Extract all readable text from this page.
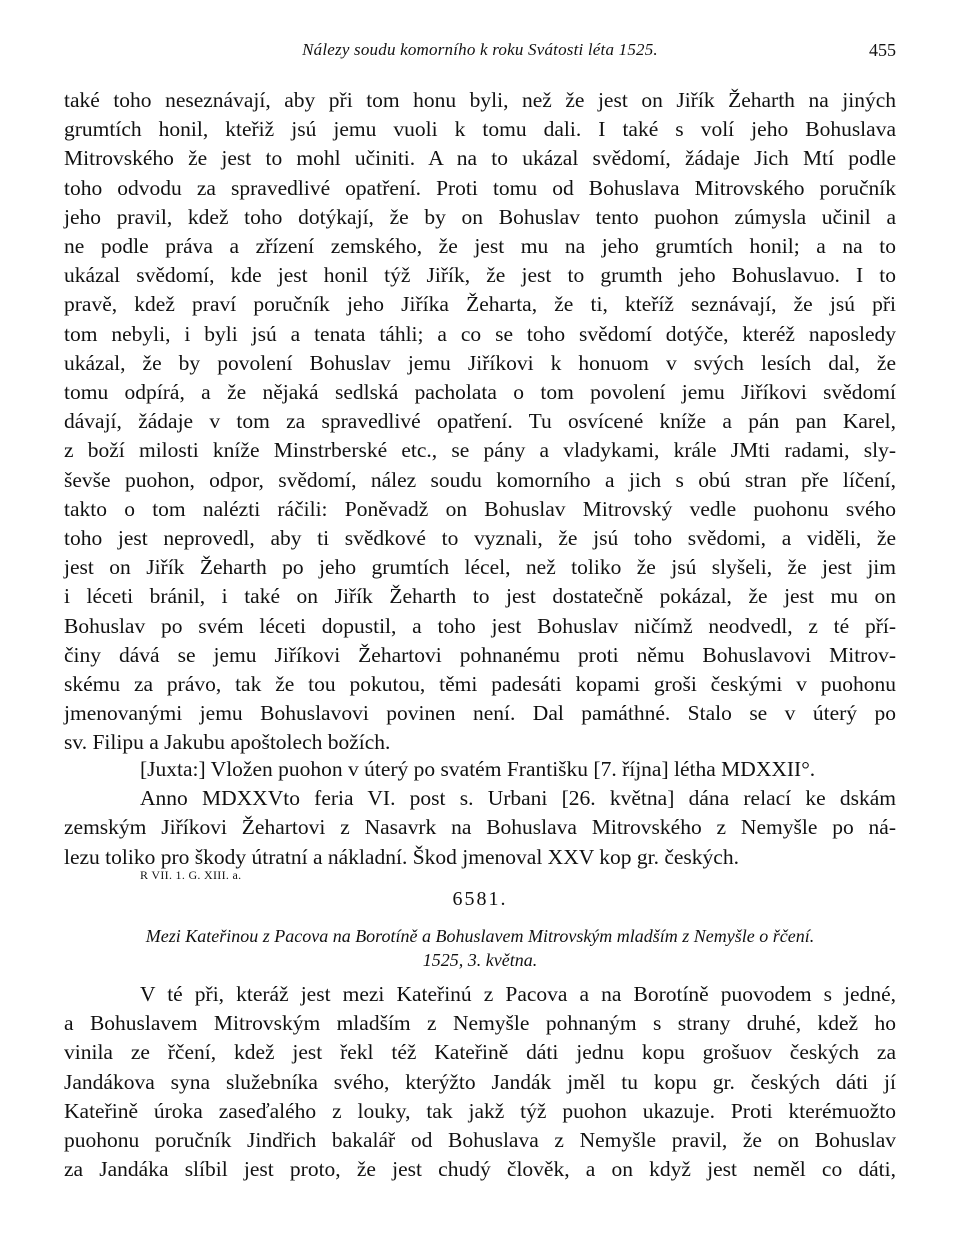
Nálezy soudu komorního k roku Svátosti léta 1525.	455

také toho neseznávají, aby při tom honu byli, než že jest on Jiřík Žeharth na jiných

grumtích honil, kteřiž jsú jemu vuoli k tomu dali. I také s volí jeho Bohuslava

Mitrovského že jest to mohl učiniti. A na to ukázal svědomí, žádaje Jich Mtí podle

toho odvodu za spravedlivé opatření. Proti tomu od Bohuslava Mitrovského poručník

jeho pravil, kdež toho dotýkají, že by on Bohuslav tento puohon zúmysla učinil a

ne podle práva a zřízení zemského, že jest mu na jeho grumtích honil; a na to

ukázal svědomí, kde jest honil týž Jiřík, že jest to grumth jeho Bohuslavuo. I to

pravě, kdež praví poručník jeho Jiříka Žeharta, že ti, kteříž seznávají, že jsú při

tom nebyli, i byli jsú a tenata táhli; a co se toho svědomí dotýče, kteréž naposledy

ukázal, že by povolení Bohuslav jemu Jiříkovi k honuom v svých lesích dal, že

tomu odpírá, a že nějaká sedlská pacholata o tom povolení jemu Jiříkovi svědomí

dávají, žádaje v tom za spravedlivé opatření. Tu osvícené kníže a pán pan Karel,

z boží milosti kníže Minstrberské etc., se pány a vladykami, krále JMti radami, sly-

ševše puohon, odpor, svědomí, nález soudu komorního a jich s obú stran pře líčení,

takto o tom nalézti ráčili: Poněvadž on Bohuslav Mitrovský vedle puohonu svého

toho jest neprovedl, aby ti svědkové to vyznali, že jsú toho svědomi, a viděli, že

jest on Jiřík Žeharth po jeho grumtích lécel, než toliko že jsú slyšeli, že jest jim

i léceti bránil, i také on Jiřík Žeharth to jest dostatečně pokázal, že jest mu on

Bohuslav po svém léceti dopustil, a toho jest Bohuslav ničímž neodvedl, z té pří-

činy dává se jemu Jiříkovi Žehartovi pohnanému proti němu Bohuslavovi Mitrov-

skému za právo, tak že tou pokutou, těmi padesáti kopami groši českými v puohonu

jmenovanými jemu Bohuslavovi povinen není. Dal památhné. Stalo se v úterý po

sv. Filipu a Jakubu apoštolech božích.

[Juxta:] Vložen puohon v úterý po svatém Františku [7. října] létha MDXXII°.

Anno MDXXVto feria VI. post s. Urbani [26. května] dána relací ke dskám

zemským Jiříkovi Žehartovi z Nasavrk na Bohuslava Mitrovského z Nemyšle po ná-

lezu toliko pro škody útratní a nákladní. Škod jmenoval XXV kop gr. českých.

R VII. 1. G. XIII. a.
6581.
Mezi Kateřinou z Pacova na Borotíně a Bohuslavem Mitrovským mladším z Nemyšle o řčení.
1525, 3. května.

V té při, kteráž jest mezi Kateřinú z Pacova a na Borotíně puovodem s jedné,

a Bohuslavem Mitrovským mladším z Nemyšle pohnaným s strany druhé, kdež ho

vinila ze řčení, kdež jest řekl též Kateřině dáti jednu kopu grošuov českých za

Jandákova syna služebníka svého, kterýžto Jandák jměl tu kopu gr. českých dáti jí

Kateřině úroka zaseďalého z louky, tak jakž týž puohon ukazuje. Proti kterémuožto

puohonu poručník Jindřich bakalář od Bohuslava z Nemyšle pravil, že on Bohuslav

za Jandáka slíbil jest proto, že jest chudý člověk, a on když jest neměl co dáti,
